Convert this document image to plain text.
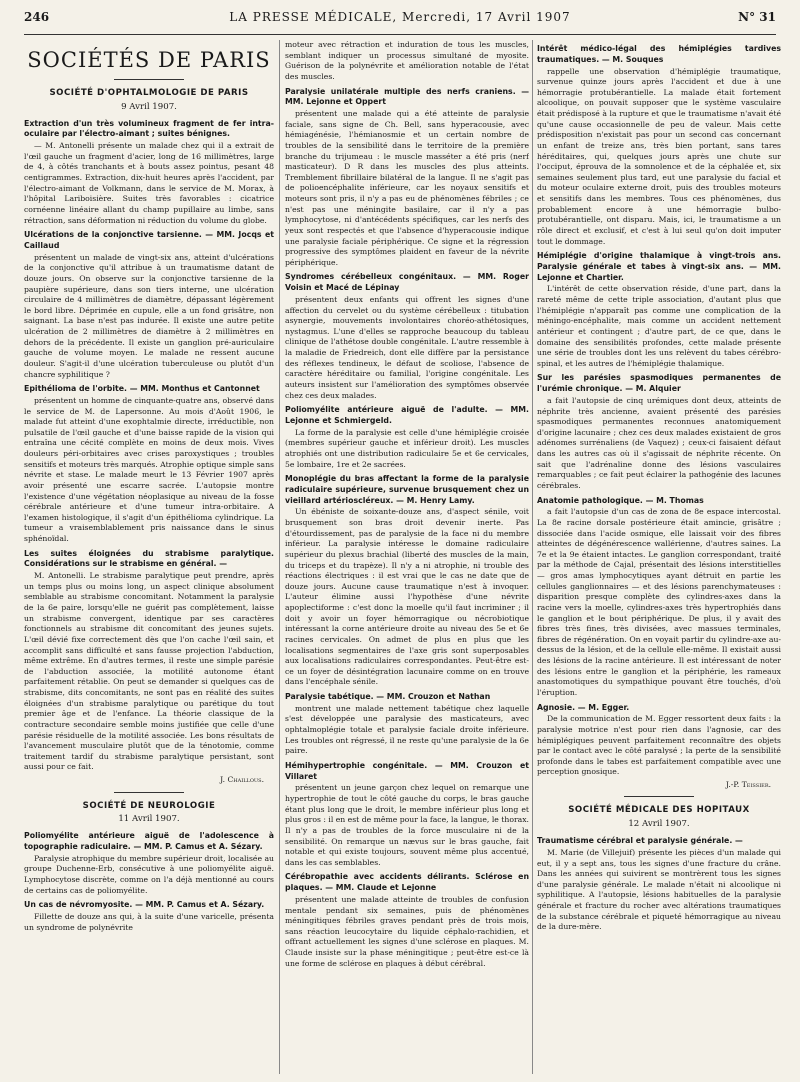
246	LA PRESSE MÉDICALE, Mercredi, 17 Avril 1907	N° 31
SOCIÉTÉS DE PARIS
SOCIÉTÉ D'OPHTALMOLOGIE DE PARIS
9 Avril 1907.
Extraction d'un très volumineux fragment de fer intra-oculaire par l'électro-aimant ; suites bénignes.

— M. Antonelli présente un malade chez qui il a extrait de l'œil gauche un fragment d'acier, long de 16 millimètres, large de 4, à côtés tranchants et à bouts assez pointus, pesant 48 centigrammes. Extraction, dix-huit heures après l'accident, par l'électro-aimant de Volkmann, dans le service de M. Morax, à l'hôpital Lariboisière. Suites très favorables : cicatrice cornéenne linéaire allant du champ pupillaire au limbe, sans rétraction, sans déformation ni réduction du volume du globe.

Ulcérations de la conjonctive tarsienne. — MM. Jocqs et Caillaud

présentent un malade de vingt-six ans, atteint d'ulcérations de la conjonctive qu'il attribue à un traumatisme datant de douze jours. On observe sur la conjonctive tarsienne de la paupière supérieure, dans son tiers interne, une ulcération circulaire de 4 millimètres de diamètre, dépassant légèrement le bord libre. Déprimée en cupule, elle a un fond grisâtre, non saignant. La base n'est pas indurée. Il existe une autre petite ulcération de 2 millimètres de diamètre à 2 millimètres en dehors de la précédente. Il existe un ganglion pré-auriculaire gauche de volume moyen. Le malade ne ressent aucune douleur. S'agit-il d'une ulcération tuberculeuse ou plutôt d'un chancre syphilitique ?

Epithélioma de l'orbite. — MM. Monthus et Cantonnet

présentent un homme de cinquante-quatre ans, observé dans le service de M. de Lapersonne. Au mois d'Août 1906, le malade fut atteint d'une exophtalmie directe, irréductible, non pulsatile de l'œil gauche et d'une baisse rapide de la vision qui entraîna une cécité complète en moins de deux mois. Vives douleurs péri-orbitaires avec crises paroxystiques ; troubles sensitifs et moteurs très marqués. Atrophie optique simple sans névrite et stase. Le malade meurt le 13 Février 1907 après avoir présenté une escarre sacrée. L'autopsie montre l'existence d'une végétation néoplasique au niveau de la fosse cérébrale antérieure et d'une tumeur intra-orbitaire. A l'examen histologique, il s'agit d'un épithélioma cylindrique. La tumeur a vraisemblablement pris naissance dans le sinus sphénoïdal.

Les suites éloignées du strabisme paralytique. Considérations sur le strabisme en général. —

M. Antonelli. Le strabisme paralytique peut prendre, après un temps plus ou moins long, un aspect clinique absolument semblable au strabisme concomitant. Notamment la paralysie de la 6e paire, lorsqu'elle ne guérit pas complètement, laisse un strabisme convergent, identique par ses caractères fonctionnels au strabisme dit concomitant des jeunes sujets. L'œil dévié fixe correctement dès que l'on cache l'œil sain, et accomplit sans difficulté et sans fausse projection l'abduction, même extrême. En d'autres termes, il reste une simple parésie de l'abduction associée, la motilité autonome étant parfaitement rétablie. On peut se demander si quelques cas de strabisme, dits concomitants, ne sont pas en réalité des suites éloignées d'un strabisme paralytique ou parétique du tout premier âge et de l'enfance. La théorie classique de la contracture secondaire semble moins justifiée que celle d'une parésie résiduelle de la motilité associée. Les bons résultats de l'avancement musculaire plutôt que de la ténotomie, comme traitement tardif du strabisme paralytique persistant, sont aussi pour ce fait.

J. Chaillous.
SOCIÉTÉ DE NEUROLOGIE
11 Avril 1907.
Poliomyélite antérieure aiguë de l'adolescence à topographie radiculaire. — MM. P. Camus et A. Sézary.

Paralysie atrophique du membre supérieur droit, localisée au groupe Duchenne-Erb, consécutive à une poliomyélite aiguë. Lymphocytose discrète, comme on l'a déjà mentionné au cours de certains cas de poliomyélite.

Un cas de névromyosite. — MM. P. Camus et A. Sézary.

Fillette de douze ans qui, à la suite d'une varicelle, présenta un syndrome de polynévrite

moteur avec rétraction et induration de tous les muscles, semblant indiquer un processus simultané de myosite. Guérison de la polynévrite et amélioration notable de l'état des muscles.

Paralysie unilatérale multiple des nerfs craniens. — MM. Lejonne et Oppert

présentent une malade qui a été atteinte de paralysie faciale, sans signe de Ch. Bell, sans hyperacousie, avec hémiagénésie, l'hémianosmie et un certain nombre de troubles de la sensibilité dans le territoire de la première branche du trijumeau : le muscle masséter a été pris (nerf masticateur). D R dans les muscles des plus atteints. Tremblement fibrillaire bilatéral de la langue. Il ne s'agit pas de polioencéphalite inférieure, car les noyaux sensitifs et moteurs sont pris, il n'y a pas eu de phénomènes fébriles ; ce n'est pas une méningite basilaire, car il n'y a pas lymphocytose, ni d'antécédents spécifiques, car les nerfs des yeux sont respectés et que l'absence d'hyperacousie indique une paralysie faciale périphérique. Ce signe et la régression progressive des symptômes plaident en faveur de la névrite périphérique.

Syndromes cérébelleux congénitaux. — MM. Roger Voisin et Macé de Lépinay

présentent deux enfants qui offrent les signes d'une affection du cervelet ou du système cérébelleux : titubation asynergie, mouvements involontaires choréo-athétosiques, nystagmus. L'une d'elles se rapproche beaucoup du tableau clinique de l'athétose double congénitale. L'autre ressemble à la maladie de Friedreich, dont elle diffère par la persistance des réflexes tendineux, le défaut de scoliose, l'absence de caractère héréditaire ou familial, l'origine congénitale. Les auteurs insistent sur l'amélioration des symptômes observée chez ces deux malades.

Poliomyélite antérieure aiguë de l'adulte. — MM. Lejonne et Schmiergeld.

La forme de la paralysie est celle d'une hémiplégie croisée (membres supérieur gauche et inférieur droit). Les muscles atrophiés ont une distribution radiculaire 5e et 6e cervicales, 5e lombaire, 1re et 2e sacrées.

Monoplégie du bras affectant la forme de la paralysie radiculaire supérieure, survenue brusquement chez un vieillard artérioscléreux. — M. Henry Lamy.

Un ébéniste de soixante-douze ans, d'aspect sénile, voit brusquement son bras droit devenir inerte. Pas d'étourdissement, pas de paralysie de la face ni du membre inférieur. La paralysie intéresse le domaine radiculaire supérieur du plexus brachial (liberté des muscles de la main, du triceps et du trapèze). Il n'y a ni atrophie, ni trouble des réactions électriques : il est vrai que le cas ne date que de douze jours. Aucune cause traumatique n'est à invoquer. L'auteur élimine aussi l'hypothèse d'une névrite apoplectiforme : c'est donc la moelle qu'il faut incriminer ; il doit y avoir un foyer hémorragique ou nécrobiotique intéressant la corne antérieure droite au niveau des 5e et 6e racines cervicales. On admet de plus en plus que les localisations segmentaires de l'axe gris sont superposables aux localisations radiculaires correspondantes. Peut-être est-ce un foyer de désintégration lacunaire comme on en trouve dans l'encéphale sénile.

Paralysie tabétique. — MM. Crouzon et Nathan

montrent une malade nettement tabétique chez laquelle s'est développée une paralysie des masticateurs, avec ophtalmoplégie totale et paralysie faciale droite inférieure. Les troubles ont régressé, il ne reste qu'une paralysie de la 6e paire.

Hémihypertrophie congénitale. — MM. Crouzon et Villaret

présentent un jeune garçon chez lequel on remarque une hypertrophie de tout le côté gauche du corps, le bras gauche étant plus long que le droit, le membre inférieur plus long et plus gros : il en est de même pour la face, la langue, le thorax. Il n'y a pas de troubles de la force musculaire ni de la sensibilité. On remarque un nævus sur le bras gauche, fait notable et qui existe toujours, souvent même plus accentué, dans les cas semblables.

Cérébropathie avec accidents délirants. Sclérose en plaques. — MM. Claude et Lejonne

présentent une malade atteinte de troubles de confusion mentale pendant six semaines, puis de phénomènes méningitiques fébriles graves pendant près de trois mois, sans réaction leucocytaire du liquide céphalo-rachidien, et offrant actuellement les signes d'une sclérose en plaques. M. Claude insiste sur la phase méningitique ; peut-être est-ce là une forme de sclérose en plaques à début cérébral.

Intérêt médico-légal des hémiplégies tardives traumatiques. — M. Souques

rappelle une observation d'hémiplégie traumatique, survenue quinze jours après l'accident et due à une hémorragie protubérantielle. La malade était fortement alcoolique, on pouvait supposer que le système vasculaire était prédisposé à la rupture et que le traumatisme n'avait été qu'une cause occasionnelle de peu de valeur. Mais cette prédisposition n'existait pas pour un second cas concernant un enfant de treize ans, très bien portant, sans tares héréditaires, qui, quelques jours après une chute sur l'occiput, éprouva de la somnolence et de la céphalée et, six semaines seulement plus tard, eut une paralysie du facial et du moteur oculaire externe droit, puis des troubles moteurs et sensitifs dans les membres. Tous ces phénomènes, dus probablement encore à une hémorragie bulbo-protubérantielle, ont disparu. Mais, ici, le traumatisme a un rôle direct et exclusif, et c'est à lui seul qu'on doit imputer tout le dommage.

Hémiplégie d'origine thalamique à vingt-trois ans. Paralysie générale et tabes à vingt-six ans. — MM. Lejonne et Chartier.

L'intérêt de cette observation réside, d'une part, dans la rareté même de cette triple association, d'autant plus que l'hémiplégie n'apparaît pas comme une complication de la méningo-encéphalite, mais comme un accident nettement antérieur et contingent ; d'autre part, de ce que, dans le domaine des sensibilités profondes, cette malade présente une série de troubles dont les uns relèvent du tabes cérébro-spinal, et les autres de l'hémiplégie thalamique.

Sur les parésies spasmodiques permanentes de l'urémie chronique. — M. Alquier

a fait l'autopsie de cinq urémiques dont deux, atteints de néphrite très ancienne, avaient présenté des parésies spasmodiques permanentes reconnues anatomiquement d'origine lacunaire ; chez ces deux malades existaient de gros adénomes surrénaliens (de Vaquez) ; ceux-ci faisaient défaut dans les autres cas où il s'agissait de néphrite récente. On sait que l'adrénaline donne des lésions vasculaires remarquables ; ce fait peut éclairer la pathogénie des lacunes cérébrales.

Anatomie pathologique. — M. Thomas

a fait l'autopsie d'un cas de zona de 8e espace intercostal. La 8e racine dorsale postérieure était amincie, grisâtre ; dissociée dans l'acide osmique, elle laissait voir des fibres atteintes de dégénérescence wallérienne, d'autres saines. La 7e et la 9e étaient intactes. Le ganglion correspondant, traité par la méthode de Cajal, présentait des lésions interstitielles — gros amas lymphocytiques ayant détruit en partie les cellules ganglionnaires — et des lésions parenchymateuses : disparition presque complète des cylindres-axes dans la racine vers la moelle, cylindres-axes très hypertrophiés dans le ganglion et le bout périphérique. De plus, il y avait des fibres très fines, très divisées, avec massues terminales, fibres de régénération. On en voyait partir du cylindre-axe au-dessus de la lésion, et de la cellule elle-même. Il existait aussi des lésions de la racine antérieure. Il est intéressant de noter des lésions entre le ganglion et la périphérie, les rameaux anastomotiques du sympathique pouvant être touchés, d'où l'éruption.

Agnosie. — M. Egger.

De la communication de M. Egger ressortent deux faits : la paralysie motrice n'est pour rien dans l'agnosie, car des hémiplégiques peuvent parfaitement reconnaître des objets par le contact avec le côté paralysé ; la perte de la sensibilité profonde dans le tabes est parfaitement compatible avec une perception gnosique.

J.-P. Teissier.
SOCIÉTÉ MÉDICALE DES HOPITAUX
12 Avril 1907.
Traumatisme cérébral et paralysie générale. —

M. Marie (de Villejuif) présente les pièces d'un malade qui eut, il y a sept ans, tous les signes d'une fracture du crâne. Dans les années qui suivirent se montrèrent tous les signes d'une paralysie générale. Le malade n'était ni alcoolique ni syphilitique. A l'autopsie, lésions habituelles de la paralysie générale et fracture du rocher avec altérations traumatiques de la substance cérébrale et piqueté hémorragique au niveau de la dure-mère.
